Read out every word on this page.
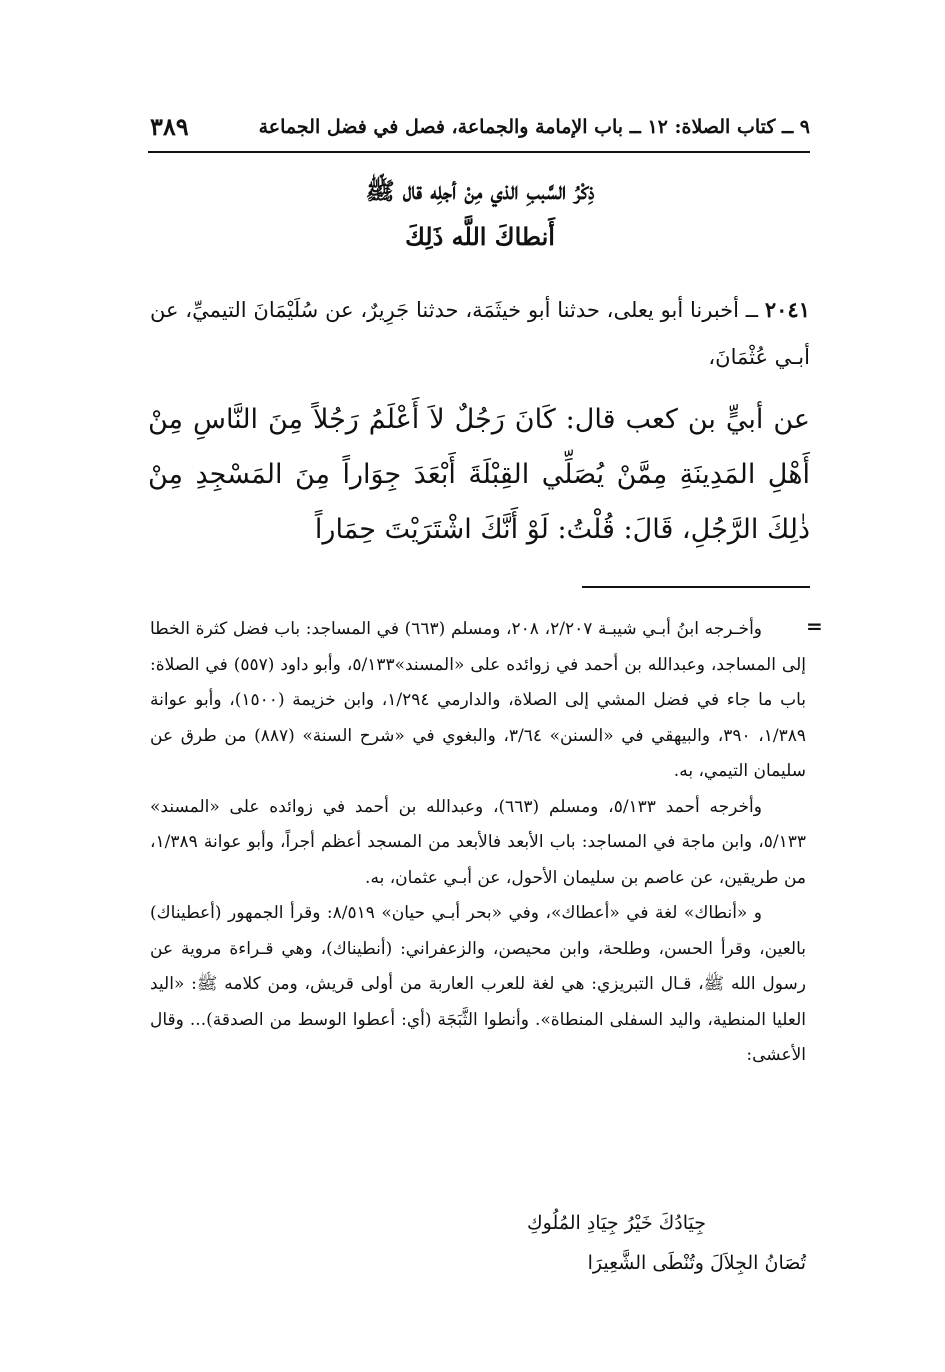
٩ ــ كتاب الصلاة: ١٢ ــ باب الإمامة والجماعة، فصل في فضل الجماعة
٣٨٩
ذِكْرُ السَّببِ الذي مِنْ أجلِه قال ﷺ
أَنطاكَ اللَّه ذَلِكَ
٢٠٤١ ــ أخبرنا أبو يعلى، حدثنا أبو خيثَمَة، حدثنا جَرِيرٌ، عن سُلَيْمَانَ التيميِّ، عن أبـي عُثْمَانَ،
عن أبيٍّ بن كعب قال: كَانَ رَجُلٌ لاَ أَعْلَمُ رَجُلاً مِنَ النَّاسِ مِنْ أَهْلِ المَدِينَةِ مِمَّنْ يُصَلِّي القِبْلَةَ أَبْعَدَ جِوَاراً مِنَ المَسْجِدِ مِنْ ذٰلِكَ الرَّجُلِ، قَالَ: قُلْتُ: لَوْ أَنَّكَ اشْتَرَيْتَ حِمَاراً
=

وأخـرجه ابنُ أبـي شيبـة ٢/٢٠٧، ٢٠٨، ومسلم (٦٦٣) في المساجد: باب فضل كثرة الخطا إلى المساجد، وعبدالله بن أحمد في زوائده على «المسند»٥/١٣٣، وأبو داود (٥٥٧) في الصلاة: باب ما جاء في فضل المشي إلى الصلاة، والدارمي ١/٢٩٤، وابن خزيمة (١٥٠٠)، وأبو عوانة ١/٣٨٩، ٣٩٠، والبيهقي في «السنن» ٣/٦٤، والبغوي في «شرح السنة» (٨٨٧) من طرق عن سليمان التيمي، به.

وأخرجه أحمد ٥/١٣٣، ومسلم (٦٦٣)، وعبدالله بن أحمد في زوائده على «المسند» ٥/١٣٣، وابن ماجة في المساجد: باب الأبعد فالأبعد من المسجد أعظم أجراً، وأبو عوانة ١/٣٨٩، من طريقين، عن عاصم بن سليمان الأحول، عن أبـي عثمان، به.

و «أنطاك» لغة في «أعطاك»، وفي «بحر أبـي حيان» ٨/٥١٩: وقرأ الجمهور (أعطيناك) بالعين، وقرأ الحسن، وطلحة، وابن محيصن، والزعفراني: (أنطيناك)، وهي قـراءة مروية عن رسول الله ﷺ، قـال التبريزي: هي لغة للعرب العاربة من أولى قريش، ومن كلامه ﷺ: «اليد العليا المنطية، واليد السفلى المنطاة». وأنطوا الثَّبَجَة (أي: أعطوا الوسط من الصدقة)... وقال الأعشى:

جِيَادُكَ خَيْرُ جِيَادِ المُلُوكِ
تُصَانُ الجِلاَلَ وتُنْطَى الشَّعِيرَا
